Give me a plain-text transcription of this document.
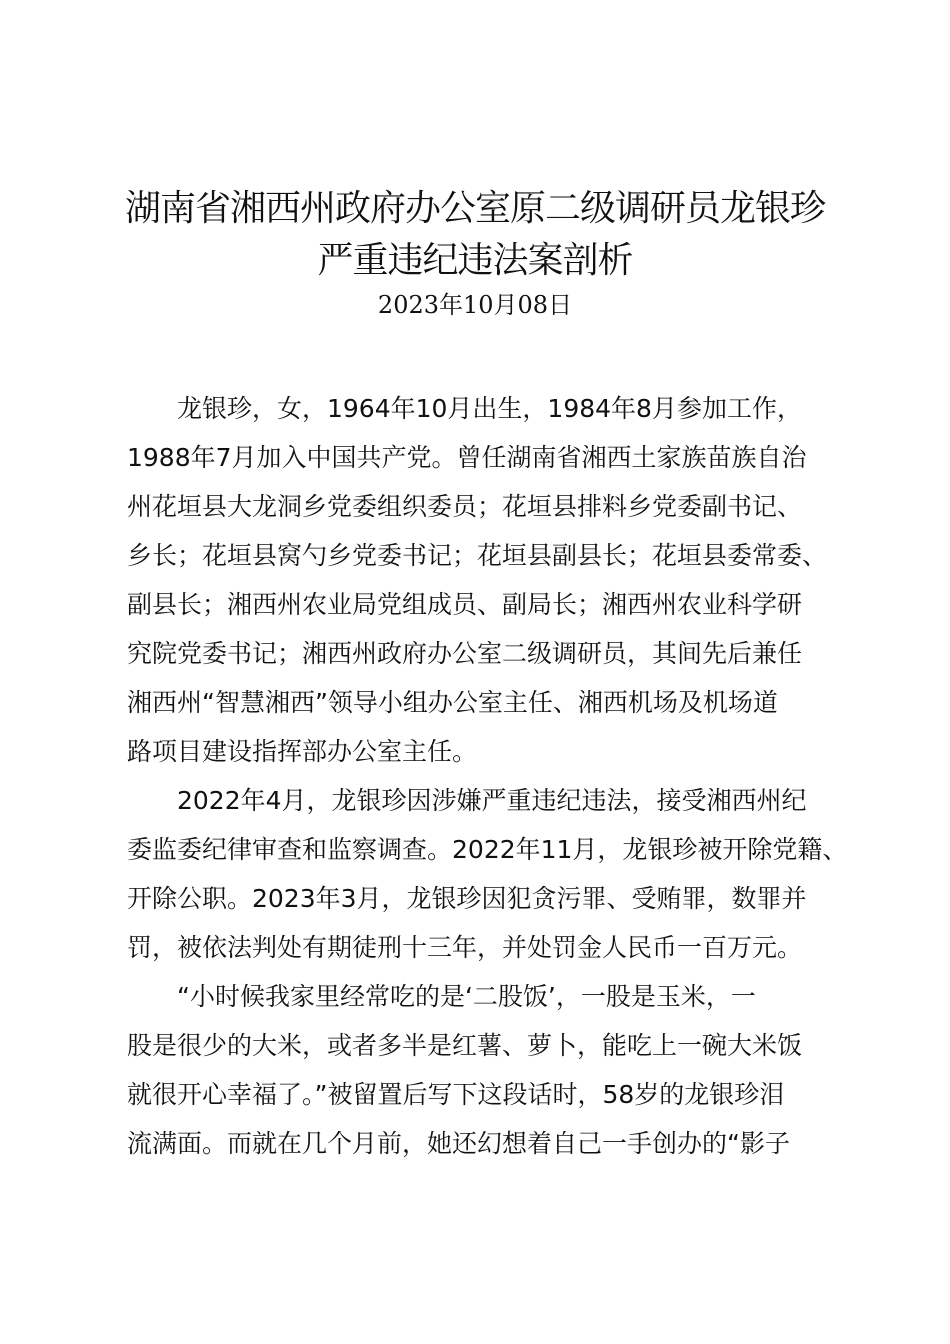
湖南省湘西州政府办公室原二级调研员龙银珍
严重违纪违法案剖析
2023年10月08日

龙银珍，女，1964年10月出生，1984年8月参加工作，
1988年7月加入中国共产党。曾任湖南省湘西土家族苗族自治
州花垣县大龙洞乡党委组织委员；花垣县排料乡党委副书记、
乡长；花垣县窝勺乡党委书记；花垣县副县长；花垣县委常委、
副县长；湘西州农业局党组成员、副局长；湘西州农业科学研
究院党委书记；湘西州政府办公室二级调研员，其间先后兼任
湘西州“智慧湘西”领导小组办公室主任、湘西机场及机场道
路项目建设指挥部办公室主任。

2022年4月，龙银珍因涉嫌严重违纪违法，接受湘西州纪
委监委纪律审查和监察调查。2022年11月，龙银珍被开除党籍、
开除公职。2023年3月，龙银珍因犯贪污罪、受贿罪，数罪并
罚，被依法判处有期徒刑十三年，并处罚金人民币一百万元。

“小时候我家里经常吃的是‘二股饭’，一股是玉米，一
股是很少的大米，或者多半是红薯、萝卜，能吃上一碗大米饭
就很开心幸福了。”被留置后写下这段话时，58岁的龙银珍泪
流满面。而就在几个月前，她还幻想着自己一手创办的“影子
